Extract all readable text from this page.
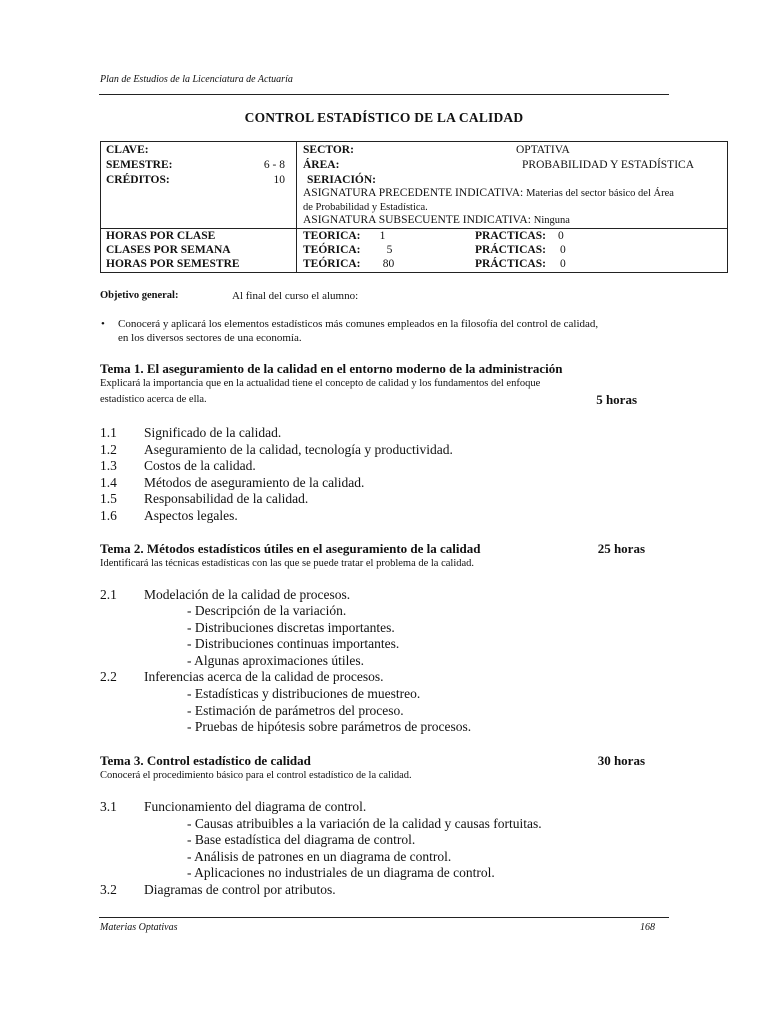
Plan de Estudios de la Licenciatura de Actuaría
CONTROL ESTADÍSTICO DE LA CALIDAD
CLAVE:
SEMESTRE:	6 - 8
CRÉDITOS:	10
SECTOR:	OPTATIVA
ÁREA:	PROBABILIDAD Y ESTADÍSTICA
SERIACIÓN:
ASIGNATURA PRECEDENTE INDICATIVA: Materias del sector básico del Área
de Probabilidad y Estadística.
ASIGNATURA SUBSECUENTE INDICATIVA: Ninguna
HORAS POR CLASE	TEORICA:	1	PRACTICAS: 0
CLASES POR SEMANA	TEÓRICA:	5	PRÁCTICAS: 0
HORAS POR SEMESTRE	TEÓRICA:	80	PRÁCTICAS: 0
Objetivo general:	Al final del curso el alumno:
• Conocerá y aplicará los elementos estadísticos más comunes empleados en la filosofía del control de calidad,
en los diversos sectores de una economía.
Tema 1. El aseguramiento de la calidad en el entorno moderno de la administración
Explicará la importancia que en la actualidad tiene el concepto de calidad y los fundamentos del enfoque
estadístico acerca de ella.	5 horas
1.1 Significado de la calidad.
1.2 Aseguramiento de la calidad, tecnología y productividad.
1.3 Costos de la calidad.
1.4 Métodos de aseguramiento de la calidad.
1.5 Responsabilidad de la calidad.
1.6 Aspectos legales.
Tema 2. Métodos estadísticos útiles en el aseguramiento de la calidad	25 horas
Identificará las técnicas estadísticas con las que se puede tratar el problema de la calidad.
2.1 Modelación de la calidad de procesos.
- Descripción de la variación.
- Distribuciones discretas importantes.
- Distribuciones continuas importantes.
- Algunas aproximaciones útiles.
2.2 Inferencias acerca de la calidad de procesos.
- Estadísticas y distribuciones de muestreo.
- Estimación de parámetros del proceso.
- Pruebas de hipótesis sobre parámetros de procesos.
Tema 3. Control estadístico de calidad	30 horas
Conocerá el procedimiento básico para el control estadístico de la calidad.
3.1 Funcionamiento del diagrama de control.
- Causas atribuibles a la variación de la calidad y causas fortuitas.
- Base estadística del diagrama de control.
- Análisis de patrones en un diagrama de control.
- Aplicaciones no industriales de un diagrama de control.
3.2 Diagramas de control por atributos.
Materias Optativas	168
